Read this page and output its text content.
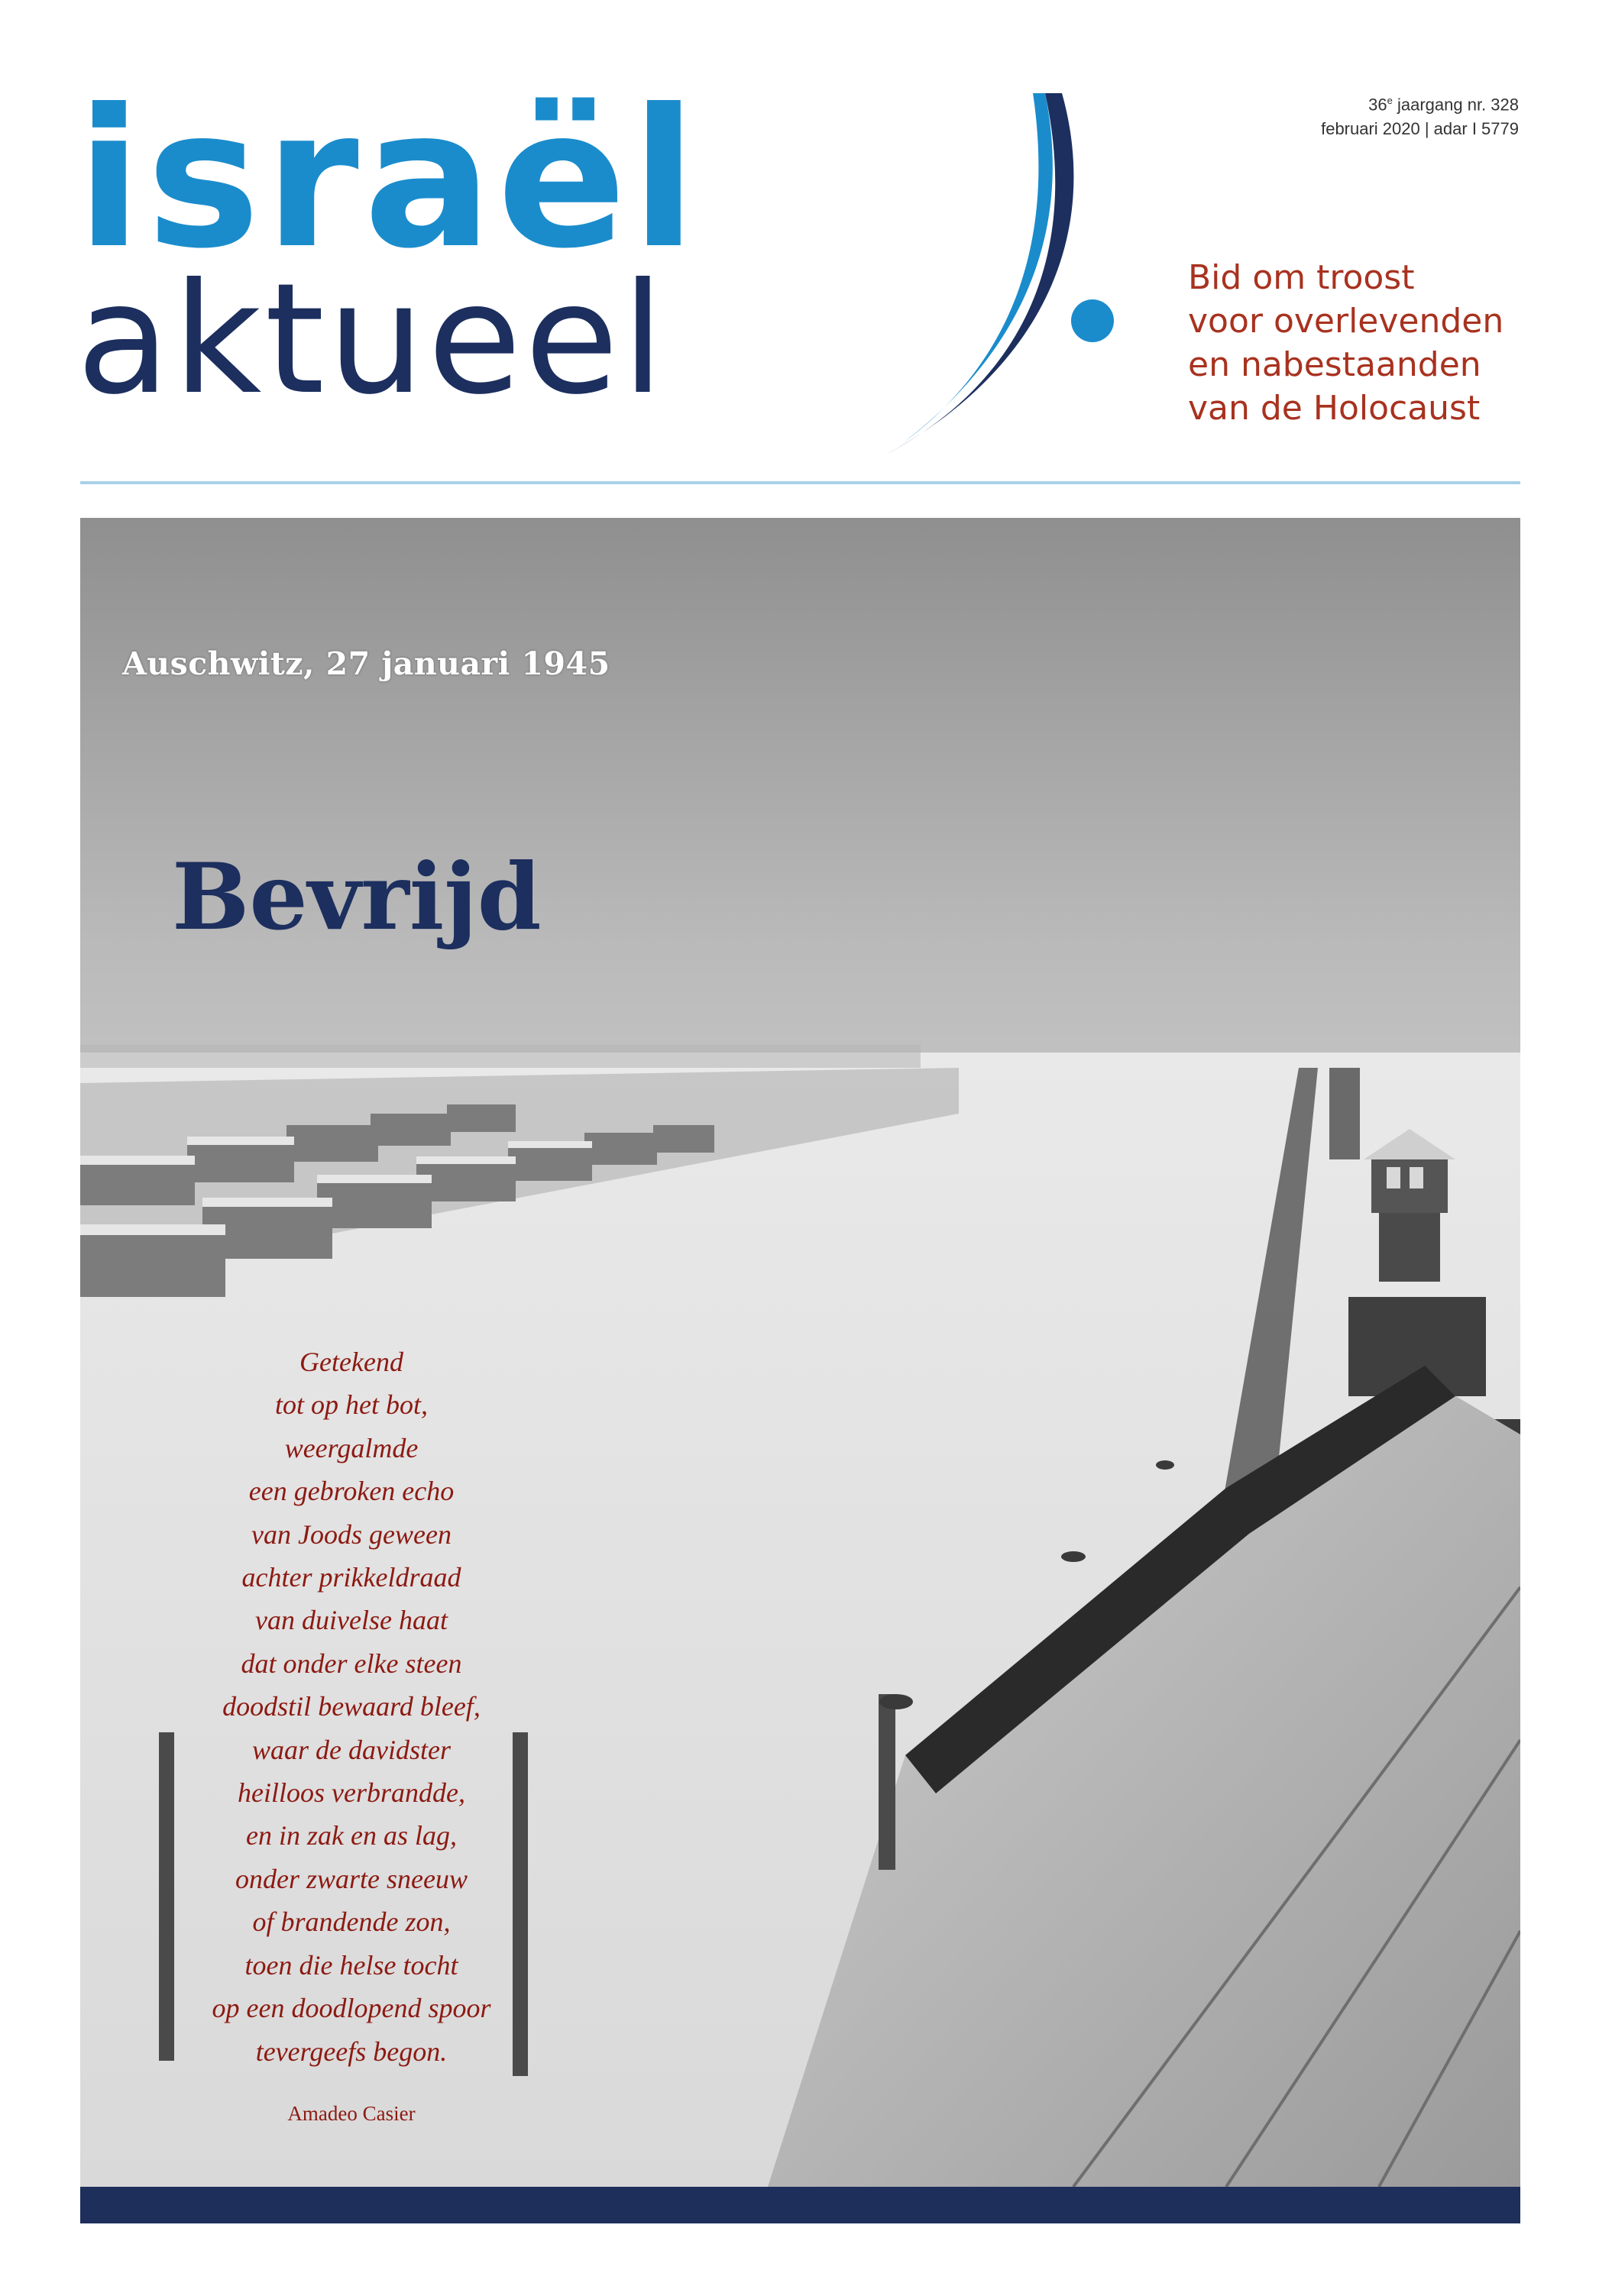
israël
aktueel
36e jaargang nr. 328
februari 2020 | adar I 5779
Bid om troost
voor overlevenden
en nabestaanden
van de Holocaust
Auschwitz, 27 januari 1945
Bevrijd
Getekend
tot op het bot,
weergalmde
een gebroken echo
van Joods geween
achter prikkeldraad
van duivelse haat
dat onder elke steen
doodstil bewaard bleef,
waar de davidster
heilloos verbrandde,
en in zak en as lag,
onder zwarte sneeuw
of brandende zon,
toen die helse tocht
op een doodlopend spoor
tevergeefs begon.
Amadeo Casier
